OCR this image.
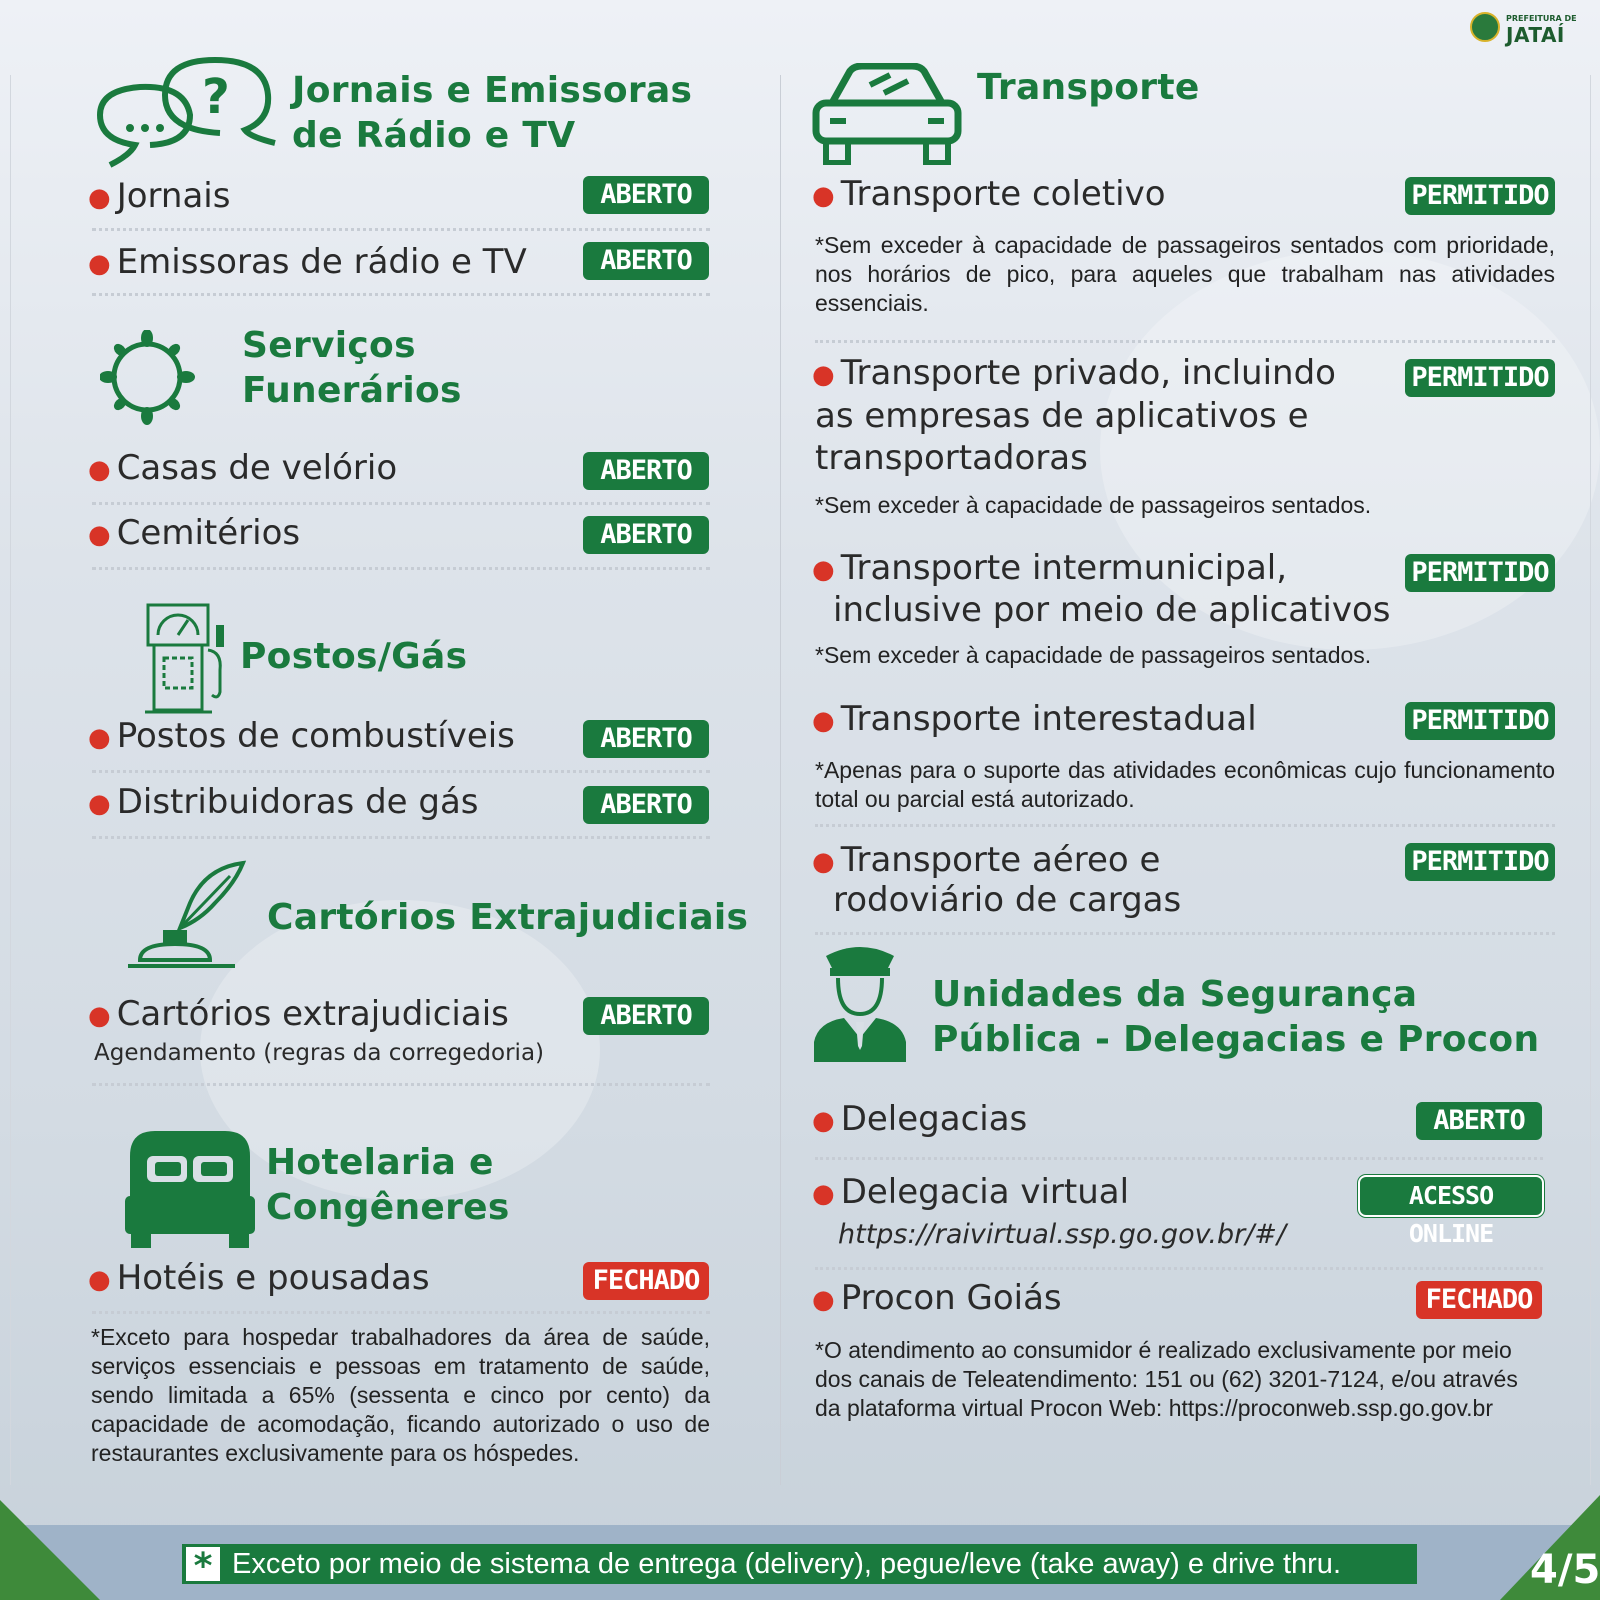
PREFEITURA DE
JATAÍ
? Jornais e Emissoras
de Rádio e TV
● Jornais	ABERTO
● Emissoras de rádio e TV	ABERTO
Serviços
Funerários
● Casas de velório	ABERTO
● Cemitérios	ABERTO
Postos/Gás
● Postos de combustíveis	ABERTO
● Distribuidoras de gás	ABERTO
Cartórios Extrajudiciais
● Cartórios extrajudiciais	ABERTO
Agendamento (regras da corregedoria)
Hotelaria e
Congêneres
● Hotéis e pousadas	FECHADO
*Exceto para hospedar trabalhadores da área de saúde, serviços essenciais e pessoas em tratamento de saúde, sendo limitada a 65% (sessenta e cinco por cento) da capacidade de acomodação, ficando autorizado o uso de restaurantes exclusivamente para os hóspedes.
Transporte
● Transporte coletivo	PERMITIDO
*Sem exceder à capacidade de passageiros sentados com prioridade, nos horários de pico, para aqueles que trabalham nas atividades essenciais.
● Transporte privado, incluindo
as empresas de aplicativos e
transportadoras
PERMITIDO
*Sem exceder à capacidade de passageiros sentados.
● Transporte intermunicipal,
inclusive por meio de aplicativos
PERMITIDO
*Sem exceder à capacidade de passageiros sentados.
● Transporte interestadual	PERMITIDO
*Apenas para o suporte das atividades econômicas cujo funcionamento total ou parcial está autorizado.
● Transporte aéreo e
rodoviário de cargas
PERMITIDO
Unidades da Segurança
Pública - Delegacias e Procon
● Delegacias	ABERTO
● Delegacia virtual	ACESSO ONLINE
https://raivirtual.ssp.go.gov.br/#/
● Procon Goiás	FECHADO
*O atendimento ao consumidor é realizado exclusivamente por meio dos canais de Teleatendimento: 151 ou (62) 3201-7124, e/ou através da plataforma virtual Procon Web: https://proconweb.ssp.go.gov.br
* Exceto por meio de sistema de entrega (delivery), pegue/leve (take away) e drive thru.	4/5
